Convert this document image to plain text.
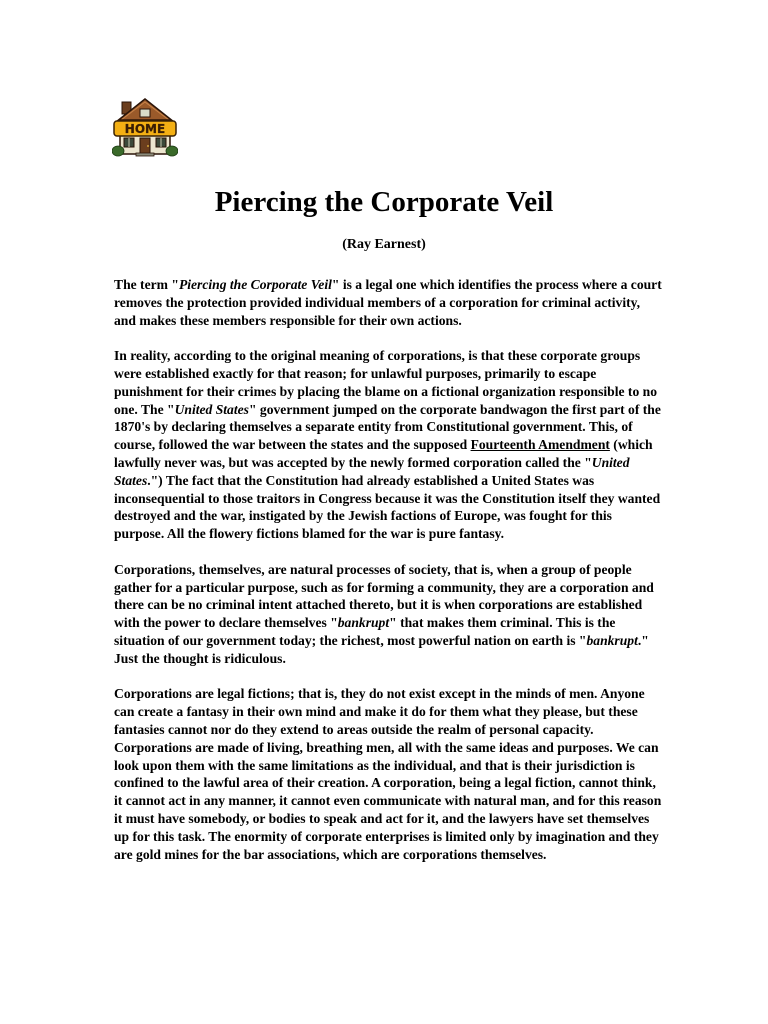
HOME
Piercing the Corporate Veil
(Ray Earnest)

The term "Piercing the Corporate Veil" is a legal one which identifies the process where a court removes the protection provided individual members of a corporation for criminal activity, and makes these members responsible for their own actions.

In reality, according to the original meaning of corporations, is that these corporate groups were established exactly for that reason; for unlawful purposes, primarily to escape punishment for their crimes by placing the blame on a fictional organization responsible to no one. The "United States" government jumped on the corporate bandwagon the first part of the 1870's by declaring themselves a separate entity from Constitutional government. This, of course, followed the war between the states and the supposed Fourteenth Amendment (which lawfully never was, but was accepted by the newly formed corporation called the "United States.") The fact that the Constitution had already established a United States was inconsequential to those traitors in Congress because it was the Constitution itself they wanted destroyed and the war, instigated by the Jewish factions of Europe, was fought for this purpose. All the flowery fictions blamed for the war is pure fantasy.

Corporations, themselves, are natural processes of society, that is, when a group of people gather for a particular purpose, such as for forming a community, they are a corporation and there can be no criminal intent attached thereto, but it is when corporations are established with the power to declare themselves "bankrupt" that makes them criminal. This is the situation of our government today; the richest, most powerful nation on earth is "bankrupt." Just the thought is ridiculous.

Corporations are legal fictions; that is, they do not exist except in the minds of men. Anyone can create a fantasy in their own mind and make it do for them what they please, but these fantasies cannot nor do they extend to areas outside the realm of personal capacity. Corporations are made of living, breathing men, all with the same ideas and purposes. We can look upon them with the same limitations as the individual, and that is their jurisdiction is confined to the lawful area of their creation. A corporation, being a legal fiction, cannot think, it cannot act in any manner, it cannot even communicate with natural man, and for this reason it must have somebody, or bodies to speak and act for it, and the lawyers have set themselves up for this task. The enormity of corporate enterprises is limited only by imagination and they are gold mines for the bar associations, which are corporations themselves.
